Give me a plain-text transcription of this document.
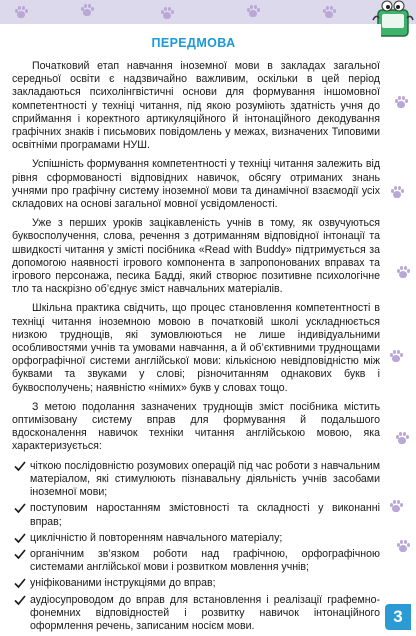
ПЕРЕДМОВА

Початковий етап навчання іноземної мови в закладах загальної середньої освіти є надзвичайно важливим, оскільки в цей період закладаються психолінгвістичні основи для формування іншомовної компетентності у техніці читання, під якою розуміють здатність учня до сприймання і коректного артикуляційного й інтонаційного декодування графічних знаків і письмових повідомлень у межах, визначених Типовими освітніми програмами НУШ.

Успішність формування компетентності у техніці читання залежить від рівня сформованості відповідних навичок, обсягу отриманих знань учнями про графічну систему іноземної мови та динамічної взаємодії усіх складових на основі загальної мовної усвідомленості.

Уже з перших уроків зацікавленість учнів в тому, як озвучуються буквосполучення, слова, речення з дотриманням відповідної інтонації та швидкості читання у змісті посібника «Read with Buddy» підтримується за допомогою наявності ігрового компонента в запропонованих вправах та ігрового персонажа, песика Бадді, який створює позитивне психологічне тло та наскрізно об’єднує зміст навчальних матеріалів.

Шкільна практика свідчить, що процес становлення компетентності в техніці читання іноземною мовою в початковій школі ускладнюється низкою труднощів, які зумовлюються не лише індивідуальними особливостями учнів та умовами навчання, а й об’єктивними труднощами орфографічної системи англійської мови: кількісною невідповідністю між буквами та звуками у слові; різночитанням однакових букв і буквосполучень; наявністю «німих» букв у словах тощо.

З метою подолання зазначених труднощів зміст посібника містить оптимізовану систему вправ для формування й подальшого вдосконалення навичок техніки читання англійською мовою, яка характеризується:

чіткою послідовністю розумових операцій під час роботи з навчальним матеріалом, які стимулюють пізнавальну діяльність учнів засобами іноземної мови;
поступовим наростанням змістовності та складності у виконанні вправ;
циклічністю й повторенням навчального матеріалу;
органічним зв’язком роботи над графічною, орфографічною системами англійської мови і розвитком мовлення учнів;
уніфікованими інструкціями до вправ;
аудіосупроводом до вправ для встановлення і реалізації графемно-фонемних відповідностей і розвитку навичок інтонаційного оформлення речень, записаним носієм мови.	3
